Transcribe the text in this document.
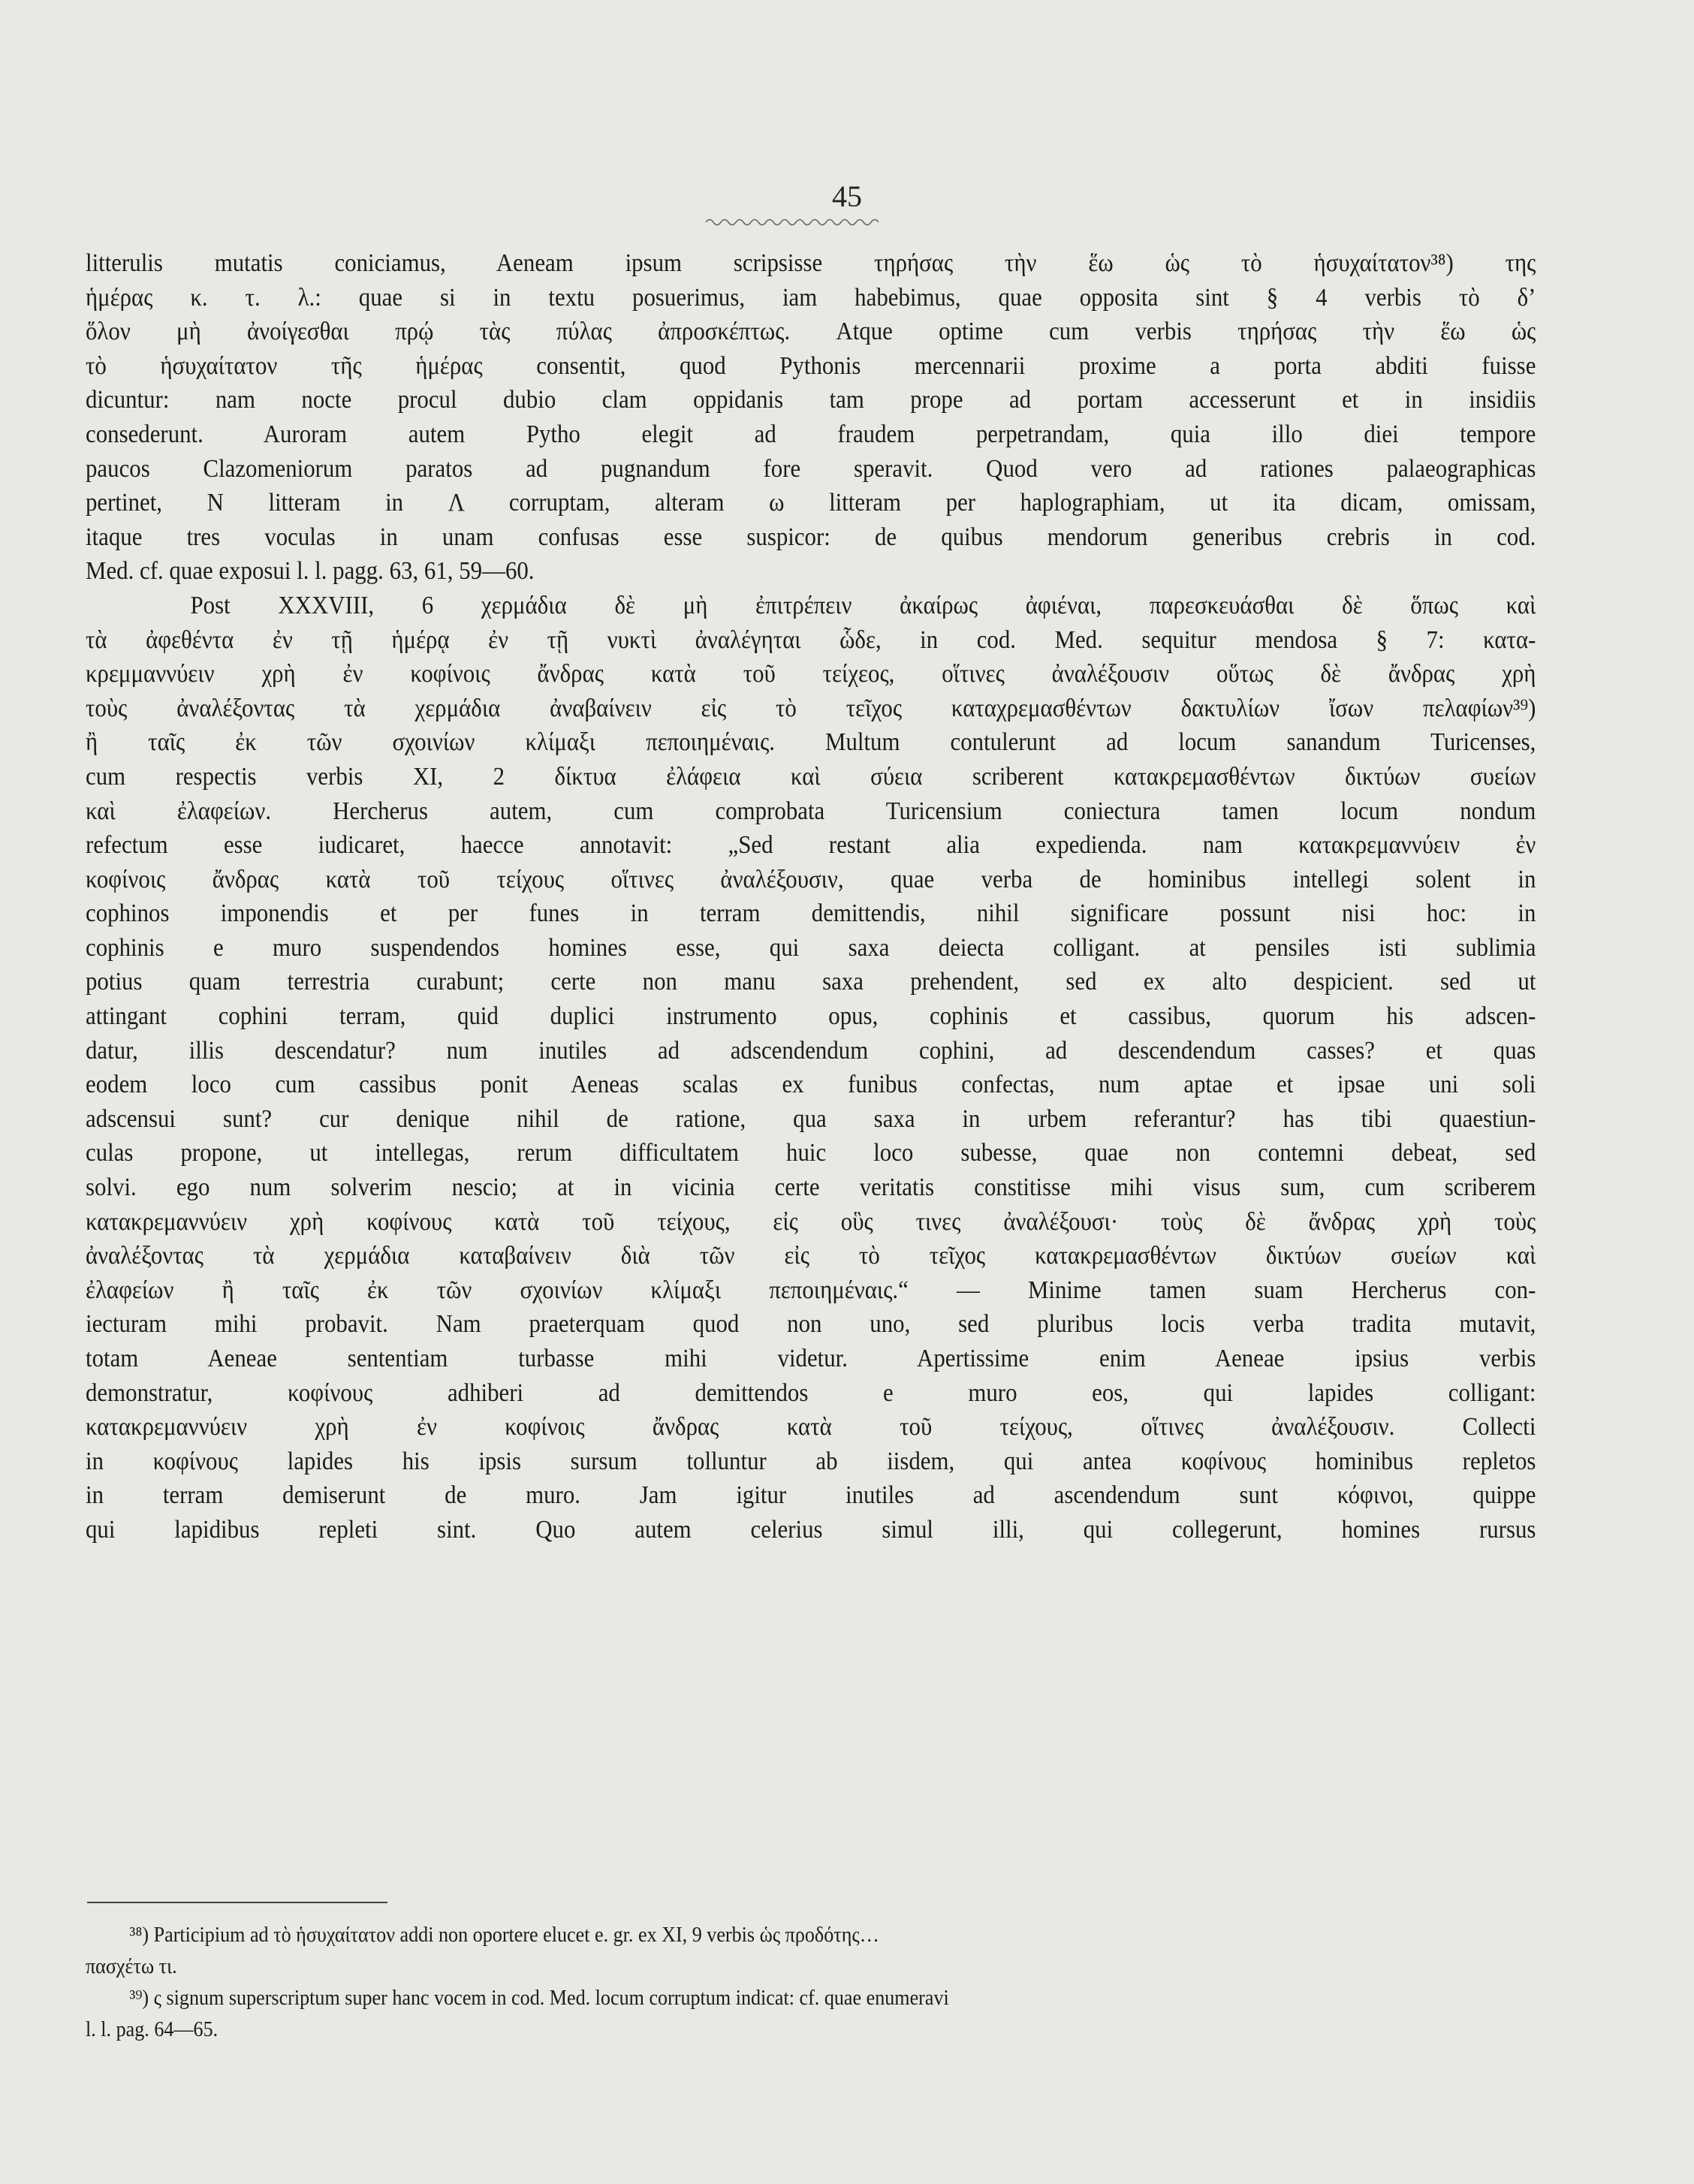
45
litterulis mutatis coniciamus, Aeneam ipsum scripsisse τηρήσας τὴν ἕω ὡς τὸ ἡσυχαίτατον³⁸) της
ἡμέρας κ. τ. λ.: quae si in textu posuerimus, iam habebimus, quae opposita sint § 4 verbis τὸ δ’
ὅλον μὴ ἀνοίγεσθαι πρῴ τὰς πύλας ἀπροσκέπτως. Atque optime cum verbis τηρήσας τὴν ἕω ὡς
τὸ ἡσυχαίτατον τῆς ἡμέρας consentit, quod Pythonis mercennarii proxime a porta abditi fuisse
dicuntur: nam nocte procul dubio clam oppidanis tam prope ad portam accesserunt et in insidiis
consederunt. Auroram autem Pytho elegit ad fraudem perpetrandam, quia illo diei tempore
paucos Clazomeniorum paratos ad pugnandum fore speravit. Quod vero ad rationes palaeographicas
pertinet, N litteram in Λ corruptam, alteram ω litteram per haplographiam, ut ita dicam, omissam,
itaque tres voculas in unam confusas esse suspicor: de quibus mendorum generibus crebris in cod.
Med. cf. quae exposui l. l. pagg. 63, 61, 59—60.
Post XXXVIII, 6 χερμάδια δὲ μὴ ἐπιτρέπειν ἀκαίρως ἀφιέναι, παρεσκευάσθαι δὲ ὅπως καὶ
τὰ ἀφεθέντα ἐν τῇ ἡμέρᾳ ἐν τῇ νυκτὶ ἀναλέγηται ὧδε, in cod. Med. sequitur mendosa § 7: κατα-
κρεμμαννύειν χρὴ ἐν κοφίνοις ἄνδρας κατὰ τοῦ τείχεος, οἵτινες ἀναλέξουσιν οὕτως δὲ ἄνδρας χρὴ
τοὺς ἀναλέξοντας τὰ χερμάδια ἀναβαίνειν εἰς τὸ τεῖχος καταχρεμασθέντων δακτυλίων ἴσων πελαφίων³⁹)
ἢ ταῖς ἐκ τῶν σχοινίων κλίμαξι πεποιημέναις. Multum contulerunt ad locum sanandum Turicenses,
cum respectis verbis XI, 2 δίκτυα ἐλάφεια καὶ σύεια scriberent κατακρεμασθέντων δικτύων συείων
καὶ ἐλαφείων. Hercherus autem, cum comprobata Turicensium coniectura tamen locum nondum
refectum esse iudicaret, haecce annotavit: „Sed restant alia expedienda. nam κατακρεμαννύειν ἐν
κοφίνοις ἄνδρας κατὰ τοῦ τείχους οἵτινες ἀναλέξουσιν, quae verba de hominibus intellegi solent in
cophinos imponendis et per funes in terram demittendis, nihil significare possunt nisi hoc: in
cophinis e muro suspendendos homines esse, qui saxa deiecta colligant. at pensiles isti sublimia
potius quam terrestria curabunt; certe non manu saxa prehendent, sed ex alto despicient. sed ut
attingant cophini terram, quid duplici instrumento opus, cophinis et cassibus, quorum his adscen-
datur, illis descendatur? num inutiles ad adscendendum cophini, ad descendendum casses? et quas
eodem loco cum cassibus ponit Aeneas scalas ex funibus confectas, num aptae et ipsae uni soli
adscensui sunt? cur denique nihil de ratione, qua saxa in urbem referantur? has tibi quaestiun-
culas propone, ut intellegas, rerum difficultatem huic loco subesse, quae non contemni debeat, sed
solvi. ego num solverim nescio; at in vicinia certe veritatis constitisse mihi visus sum, cum scriberem
κατακρεμαννύειν χρὴ κοφίνους κατὰ τοῦ τείχους, εἰς οὓς τινες ἀναλέξουσι· τοὺς δὲ ἄνδρας χρὴ τοὺς
ἀναλέξοντας τὰ χερμάδια καταβαίνειν διὰ τῶν εἰς τὸ τεῖχος κατακρεμασθέντων δικτύων συείων καὶ
ἐλαφείων ἢ ταῖς ἐκ τῶν σχοινίων κλίμαξι πεποιημέναις.“ — Minime tamen suam Hercherus con-
iecturam mihi probavit. Nam praeterquam quod non uno, sed pluribus locis verba tradita mutavit,
totam Aeneae sententiam turbasse mihi videtur. Apertissime enim Aeneae ipsius verbis
demonstratur, κοφίνους adhiberi ad demittendos e muro eos, qui lapides colligant:
κατακρεμαννύειν χρὴ ἐν κοφίνοις ἄνδρας κατὰ τοῦ τείχους, οἵτινες ἀναλέξουσιν. Collecti
in κοφίνους lapides his ipsis sursum tolluntur ab iisdem, qui antea κοφίνους hominibus repletos
in terram demiserunt de muro. Jam igitur inutiles ad ascendendum sunt κόφινοι, quippe
qui lapidibus repleti sint. Quo autem celerius simul illi, qui collegerunt, homines rursus
³⁸) Participium ad τὸ ἡσυχαίτατον addi non oportere elucet e. gr. ex XI, 9 verbis ὡς προδότης…
πασχέτω τι.
³⁹) ς signum superscriptum super hanc vocem in cod. Med. locum corruptum indicat: cf. quae enumeravi
l. l. pag. 64—65.
